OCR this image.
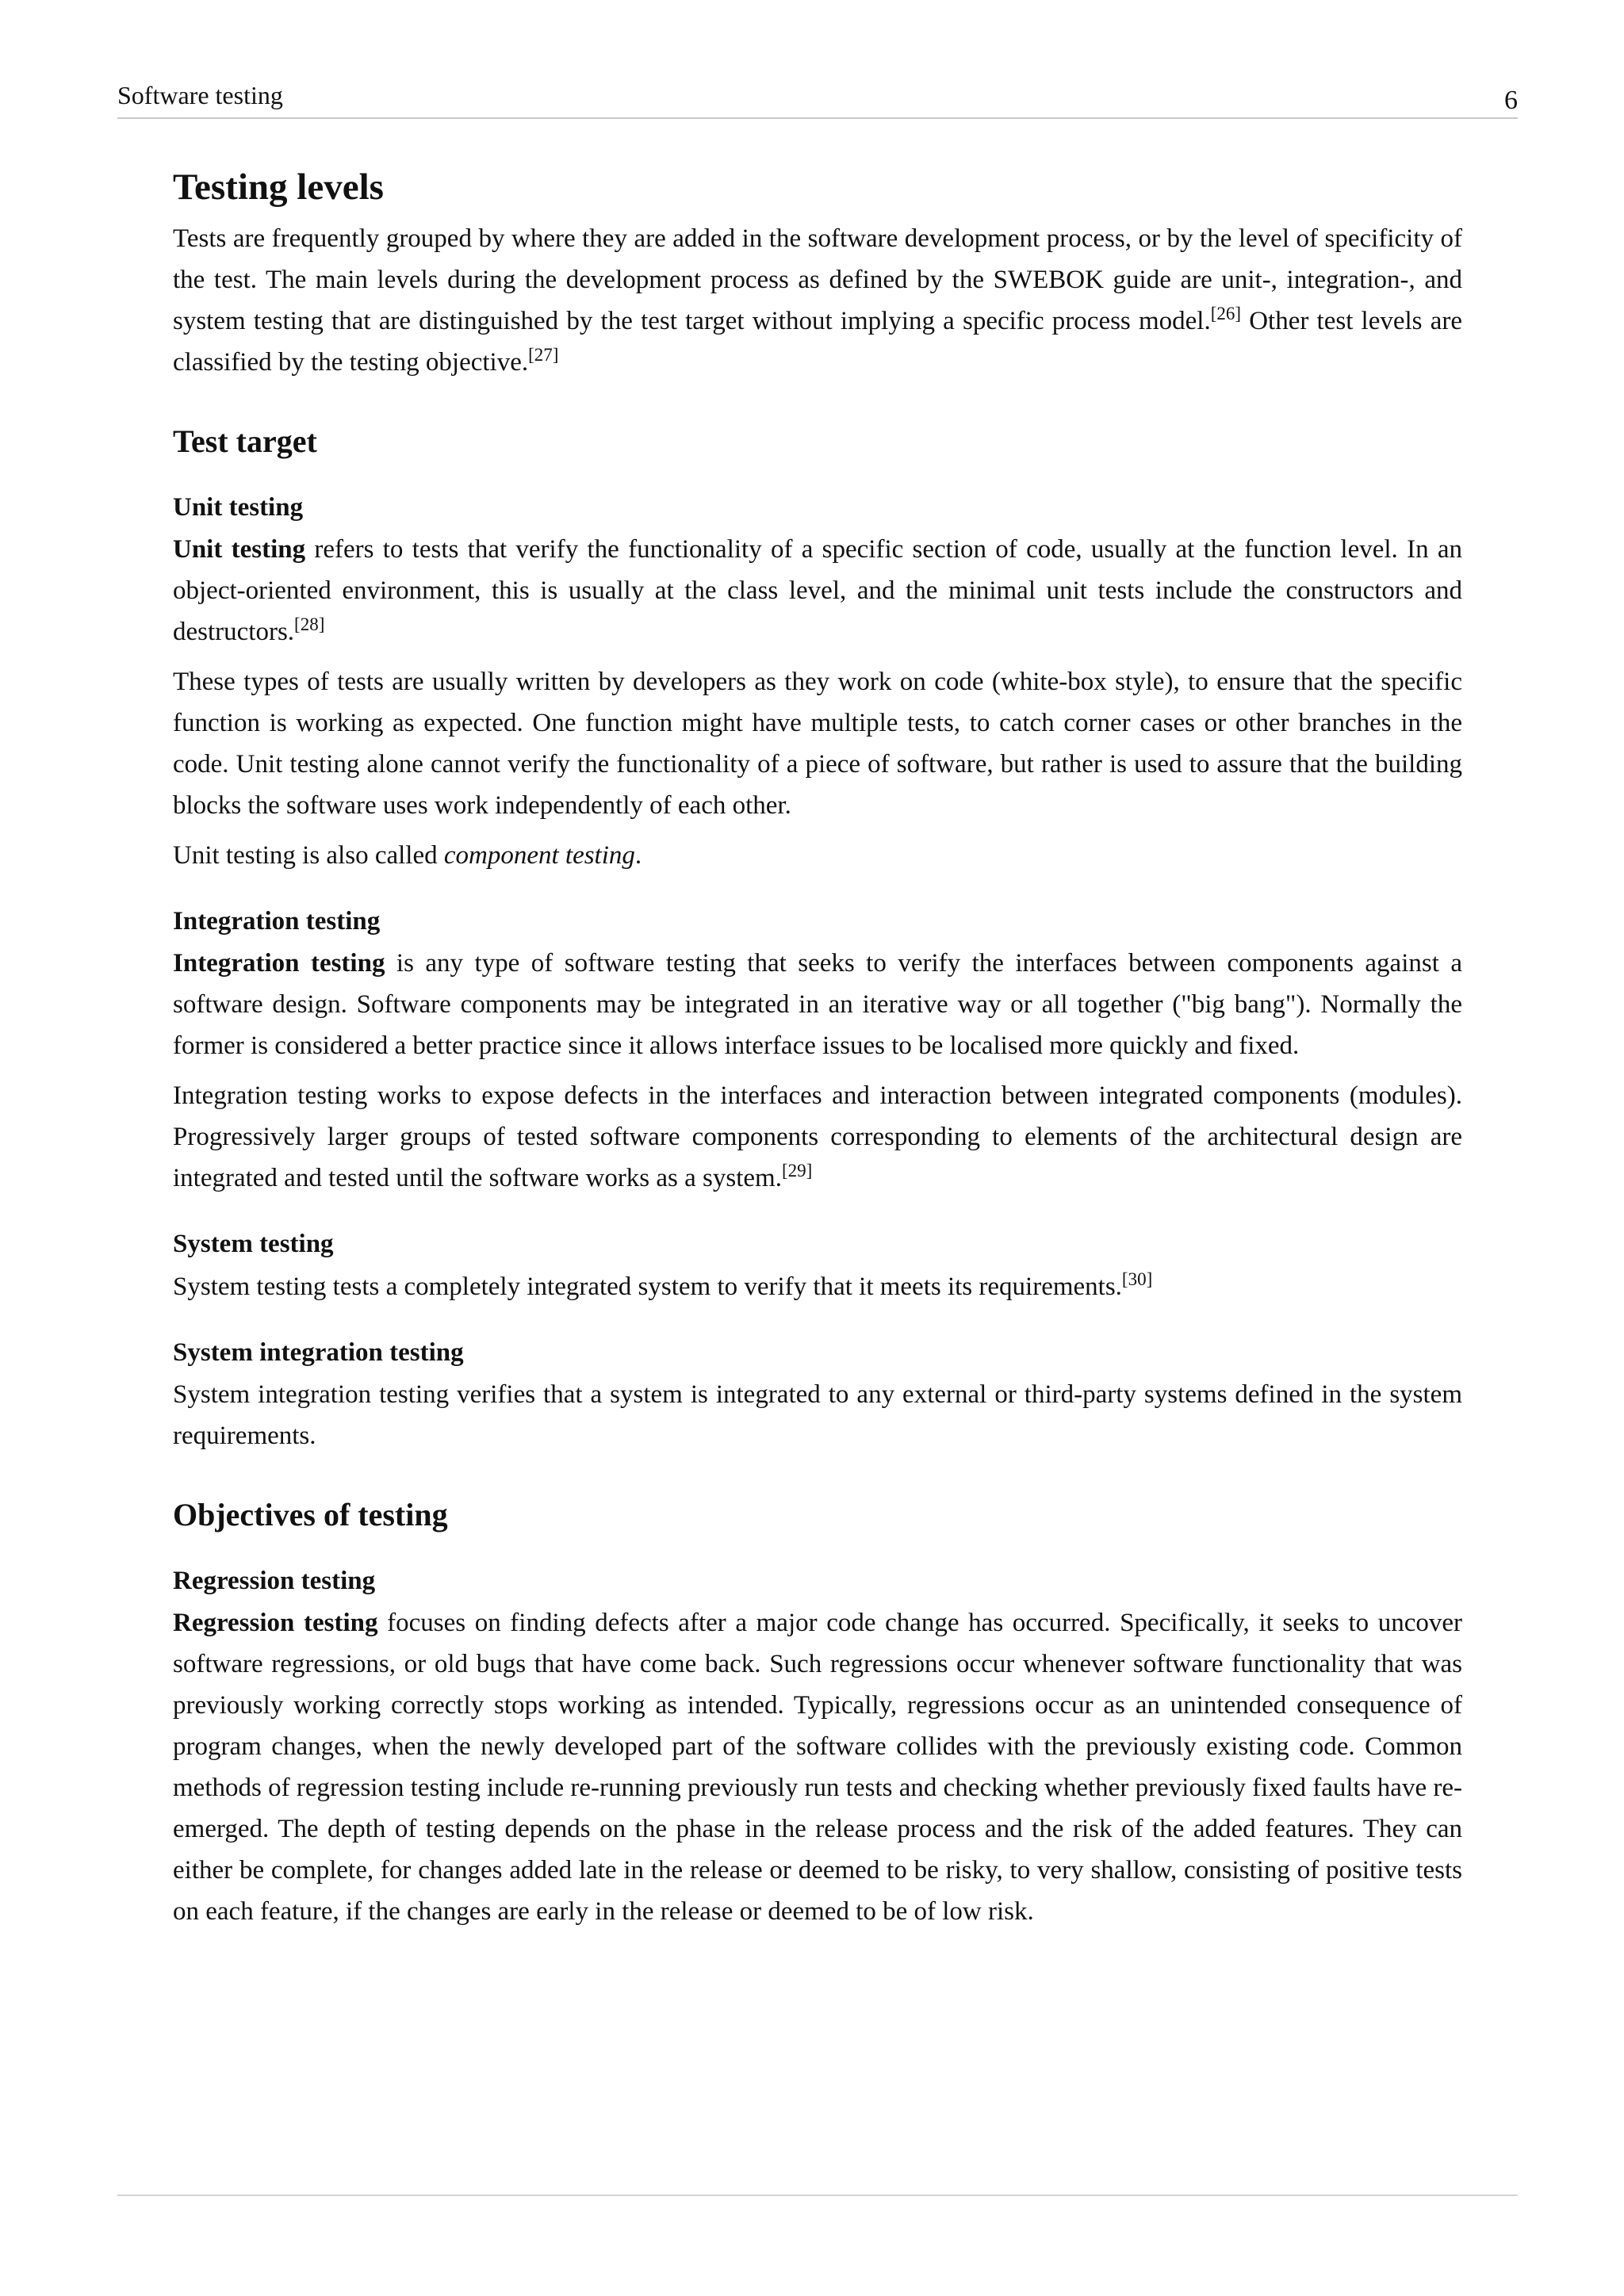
Software testing	6
Testing levels

Tests are frequently grouped by where they are added in the software development process, or by the level of specificity of the test. The main levels during the development process as defined by the SWEBOK guide are unit-, integration-, and system testing that are distinguished by the test target without implying a specific process model.[26] Other test levels are classified by the testing objective.[27]

Test target
Unit testing

Unit testing refers to tests that verify the functionality of a specific section of code, usually at the function level. In an object-oriented environment, this is usually at the class level, and the minimal unit tests include the constructors and destructors.[28]

These types of tests are usually written by developers as they work on code (white-box style), to ensure that the specific function is working as expected. One function might have multiple tests, to catch corner cases or other branches in the code. Unit testing alone cannot verify the functionality of a piece of software, but rather is used to assure that the building blocks the software uses work independently of each other.

Unit testing is also called component testing.

Integration testing

Integration testing is any type of software testing that seeks to verify the interfaces between components against a software design. Software components may be integrated in an iterative way or all together ("big bang"). Normally the former is considered a better practice since it allows interface issues to be localised more quickly and fixed.

Integration testing works to expose defects in the interfaces and interaction between integrated components (modules). Progressively larger groups of tested software components corresponding to elements of the architectural design are integrated and tested until the software works as a system.[29]

System testing

System testing tests a completely integrated system to verify that it meets its requirements.[30]

System integration testing

System integration testing verifies that a system is integrated to any external or third-party systems defined in the system requirements.

Objectives of testing
Regression testing

Regression testing focuses on finding defects after a major code change has occurred. Specifically, it seeks to uncover software regressions, or old bugs that have come back. Such regressions occur whenever software functionality that was previously working correctly stops working as intended. Typically, regressions occur as an unintended consequence of program changes, when the newly developed part of the software collides with the previously existing code. Common methods of regression testing include re-running previously run tests and checking whether previously fixed faults have re-emerged. The depth of testing depends on the phase in the release process and the risk of the added features. They can either be complete, for changes added late in the release or deemed to be risky, to very shallow, consisting of positive tests on each feature, if the changes are early in the release or deemed to be of low risk.
